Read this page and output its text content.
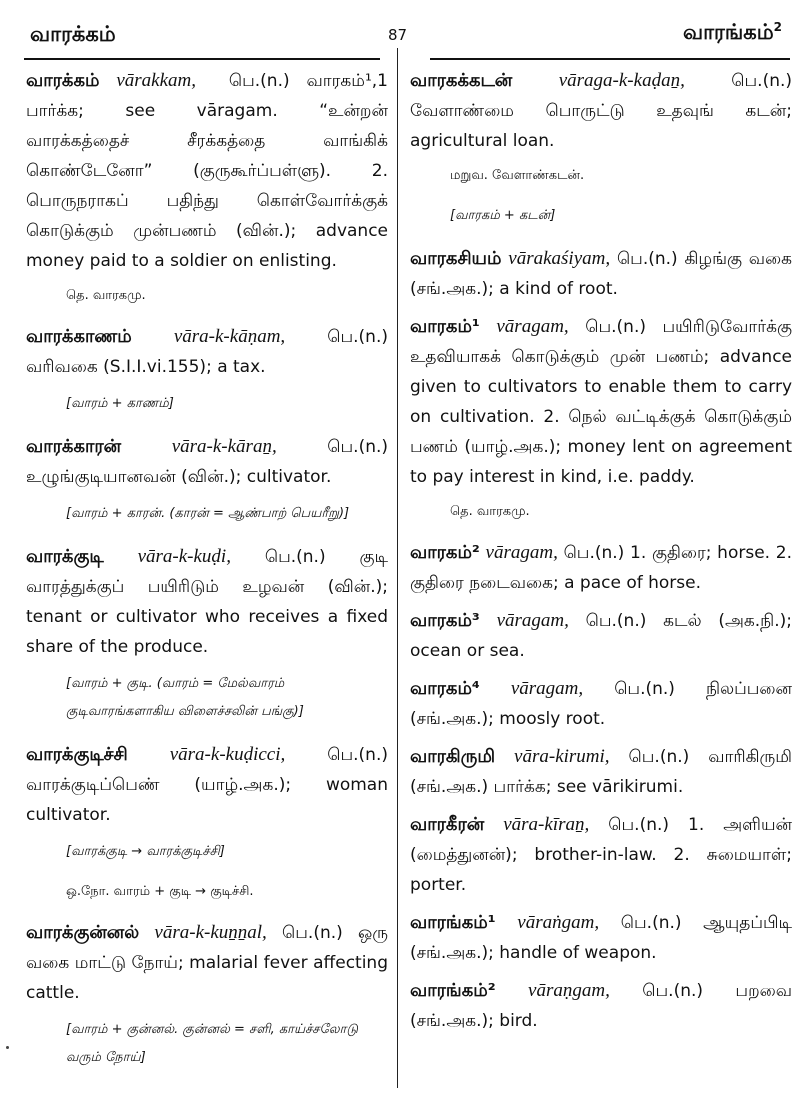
வாரக்கம்	87	வாரங்கம்$^2$
வாரக்கம் vārakkam, பெ.(n.) வாரகம்¹,1 பார்க்க; see vāragam. “உன்றன் வாரக்கத்தைச் சீரக்கத்தை வாங்கிக் கொண்டேனோ” (குருகூர்ப்பள்ளு). 2. பொருநராகப் பதிந்து கொள்வோர்க்குக் கொடுக்கும் முன்பணம் (வின்.); advance money paid to a soldier on enlisting.
தெ. வாரகமு.
வாரக்காணம் vāra-k-kāṇam, பெ.(n.) வரிவகை (S.I.I.vi.155); a tax.
[வாரம் + காணம்]
வாரக்காரன்	vāra-k-kāraṉ,	பெ.(n.) உழுங்குடியானவன் (வின்.); cultivator.
[வாரம் + காரன். (காரன் = ஆண்பாற் பெயரீறு)]
வாரக்குடி vāra-k-kuḍi, பெ.(n.) குடி வாரத்துக்குப் பயிரிடும் உழவன் (வின்.); tenant or cultivator who receives a fixed share of the produce.
[வாரம் + குடி. (வாரம் = மேல்வாரம் குடிவாரங்களாகிய விளைச்சலின் பங்கு)]
வாரக்குடிச்சி vāra-k-kuḍicci, பெ.(n.) வாரக்குடிப்பெண் (யாழ்.அக.); woman cultivator.
[வாரக்குடி → வாரக்குடிச்சி]
ஒ.நோ. வாரம் + குடி → குடிச்சி.
வாரக்குன்னல் vāra-k-kuṉṉal, பெ.(n.) ஒரு வகை மாட்டு நோய்; malarial fever affecting cattle.
[வாரம் + குன்னல். குன்னல் = சளி, காய்ச்சலோடு வரும் நோய்]
வாரகக்கடன் vāraga-k-kaḍaṉ,	பெ.(n.) வேளாண்மை பொருட்டு உதவுங் கடன்; agricultural loan.
மறுவ. வேளாண்கடன்.
[வாரகம் + கடன்]
வாரகசியம் vārakaśiyam, பெ.(n.) கிழங்கு வகை (சங்.அக.); a kind of root.
வாரகம்¹ vāragam, பெ.(n.) பயிரிடுவோர்க்கு உதவியாகக் கொடுக்கும் முன் பணம்; advance given to cultivators to enable them to carry on cultivation. 2. நெல் வட்டிக்குக் கொடுக்கும் பணம் (யாழ்.அக.); money lent on agreement to pay interest in kind, i.e. paddy.
தெ. வாரகமு.
வாரகம்² vāragam, பெ.(n.) 1. குதிரை; horse. 2. குதிரை நடைவகை; a pace of horse.
வாரகம்³ vāragam, பெ.(n.) கடல் (அக.நி.); ocean or sea.
வாரகம்⁴ vāragam, பெ.(n.) நிலப்பனை (சங்.அக.); moosly root.
வாரகிருமி vāra-kirumi, பெ.(n.) வாரிகிருமி (சங்.அக.) பார்க்க; see vārikirumi.
வாரகீரன் vāra-kīraṉ, பெ.(n.) 1. அளியன் (மைத்துனன்); brother-in-law. 2. சுமையாள்; porter.
வாரங்கம்¹ vāraṅgam, பெ.(n.) ஆயுதப்பிடி (சங்.அக.); handle of weapon.
வாரங்கம்² vāraṇgam, பெ.(n.) பறவை (சங்.அக.); bird.
